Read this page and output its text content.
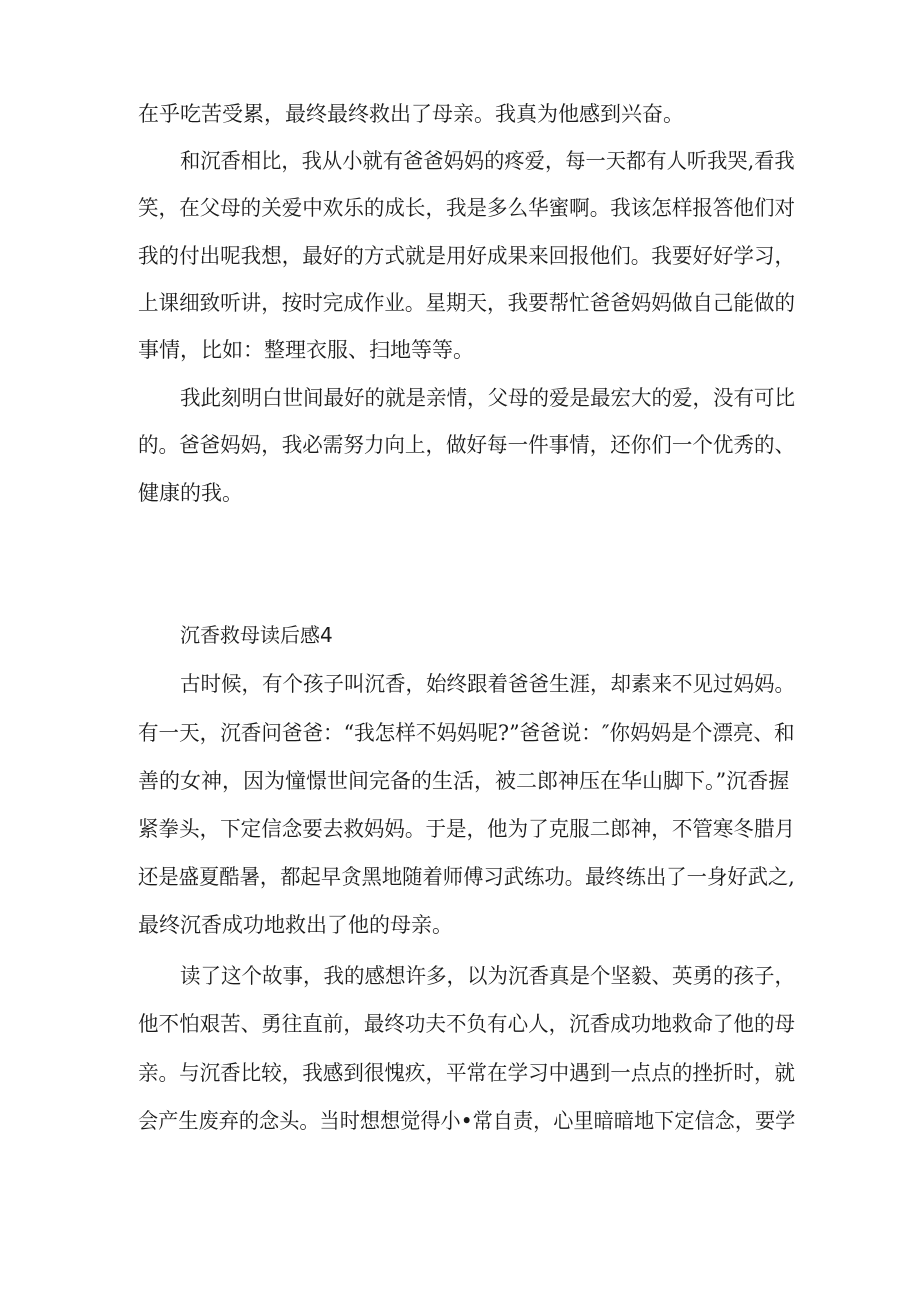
在乎吃苦受累，最终最终救出了母亲。我真为他感到兴奋。
和沉香相比，我从小就有爸爸妈妈的疼爱，每一天都有人听我哭,看我
笑，在父母的关爱中欢乐的成长，我是多么华蜜啊。我该怎样报答他们对
我的付出呢我想，最好的方式就是用好成果来回报他们。我要好好学习，
上课细致听讲，按时完成作业。星期天，我要帮忙爸爸妈妈做自己能做的
事情，比如：整理衣服、扫地等等。
我此刻明白世间最好的就是亲情，父母的爱是最宏大的爱，没有可比
的。爸爸妈妈，我必需努力向上，做好每一件事情，还你们一个优秀的、
健康的我。
沉香救母读后感4
古时候，有个孩子叫沉香，始终跟着爸爸生涯，却素来不见过妈妈。
有一天，沉香问爸爸：“我怎样不妈妈呢?”爸爸说：″你妈妈是个漂亮、和
善的女神，因为憧憬世间完备的生活，被二郎神压在华山脚下。”沉香握
紧拳头，下定信念要去救妈妈。于是，他为了克服二郎神，不管寒冬腊月
还是盛夏酷暑，都起早贪黑地随着师傅习武练功。最终练出了一身好武之,
最终沉香成功地救出了他的母亲。
读了这个故事，我的感想许多，以为沉香真是个坚毅、英勇的孩子，
他不怕艰苦、勇往直前，最终功夫不负有心人，沉香成功地救命了他的母
亲。与沉香比较，我感到很愧疚，平常在学习中遇到一点点的挫折时，就
会产生废弃的念头。当时想想觉得小•常自责，心里暗暗地下定信念，要学
